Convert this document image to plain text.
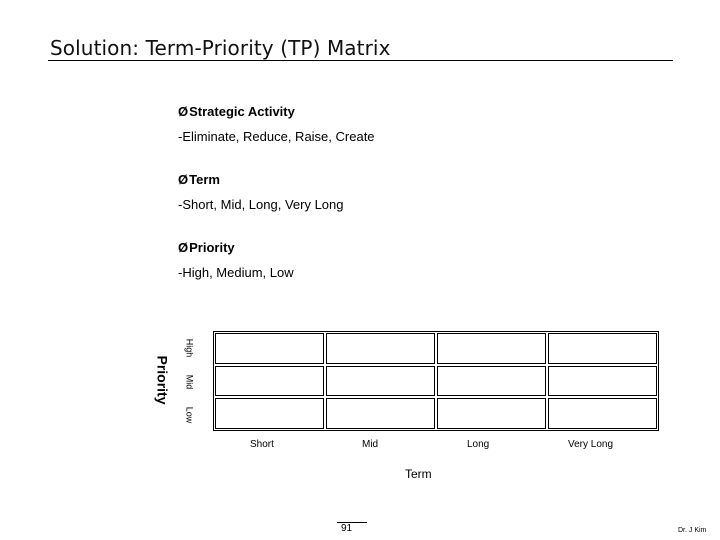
Solution: Term-Priority (TP) Matrix
ØStrategic Activity
-Eliminate, Reduce, Raise, Create
ØTerm
-Short, Mid, Long, Very Long
ØPriority
-High, Medium, Low
Priority
High
Mid
Low
Short	Mid	Long	Very Long
Term
91	Dr. J Kim
